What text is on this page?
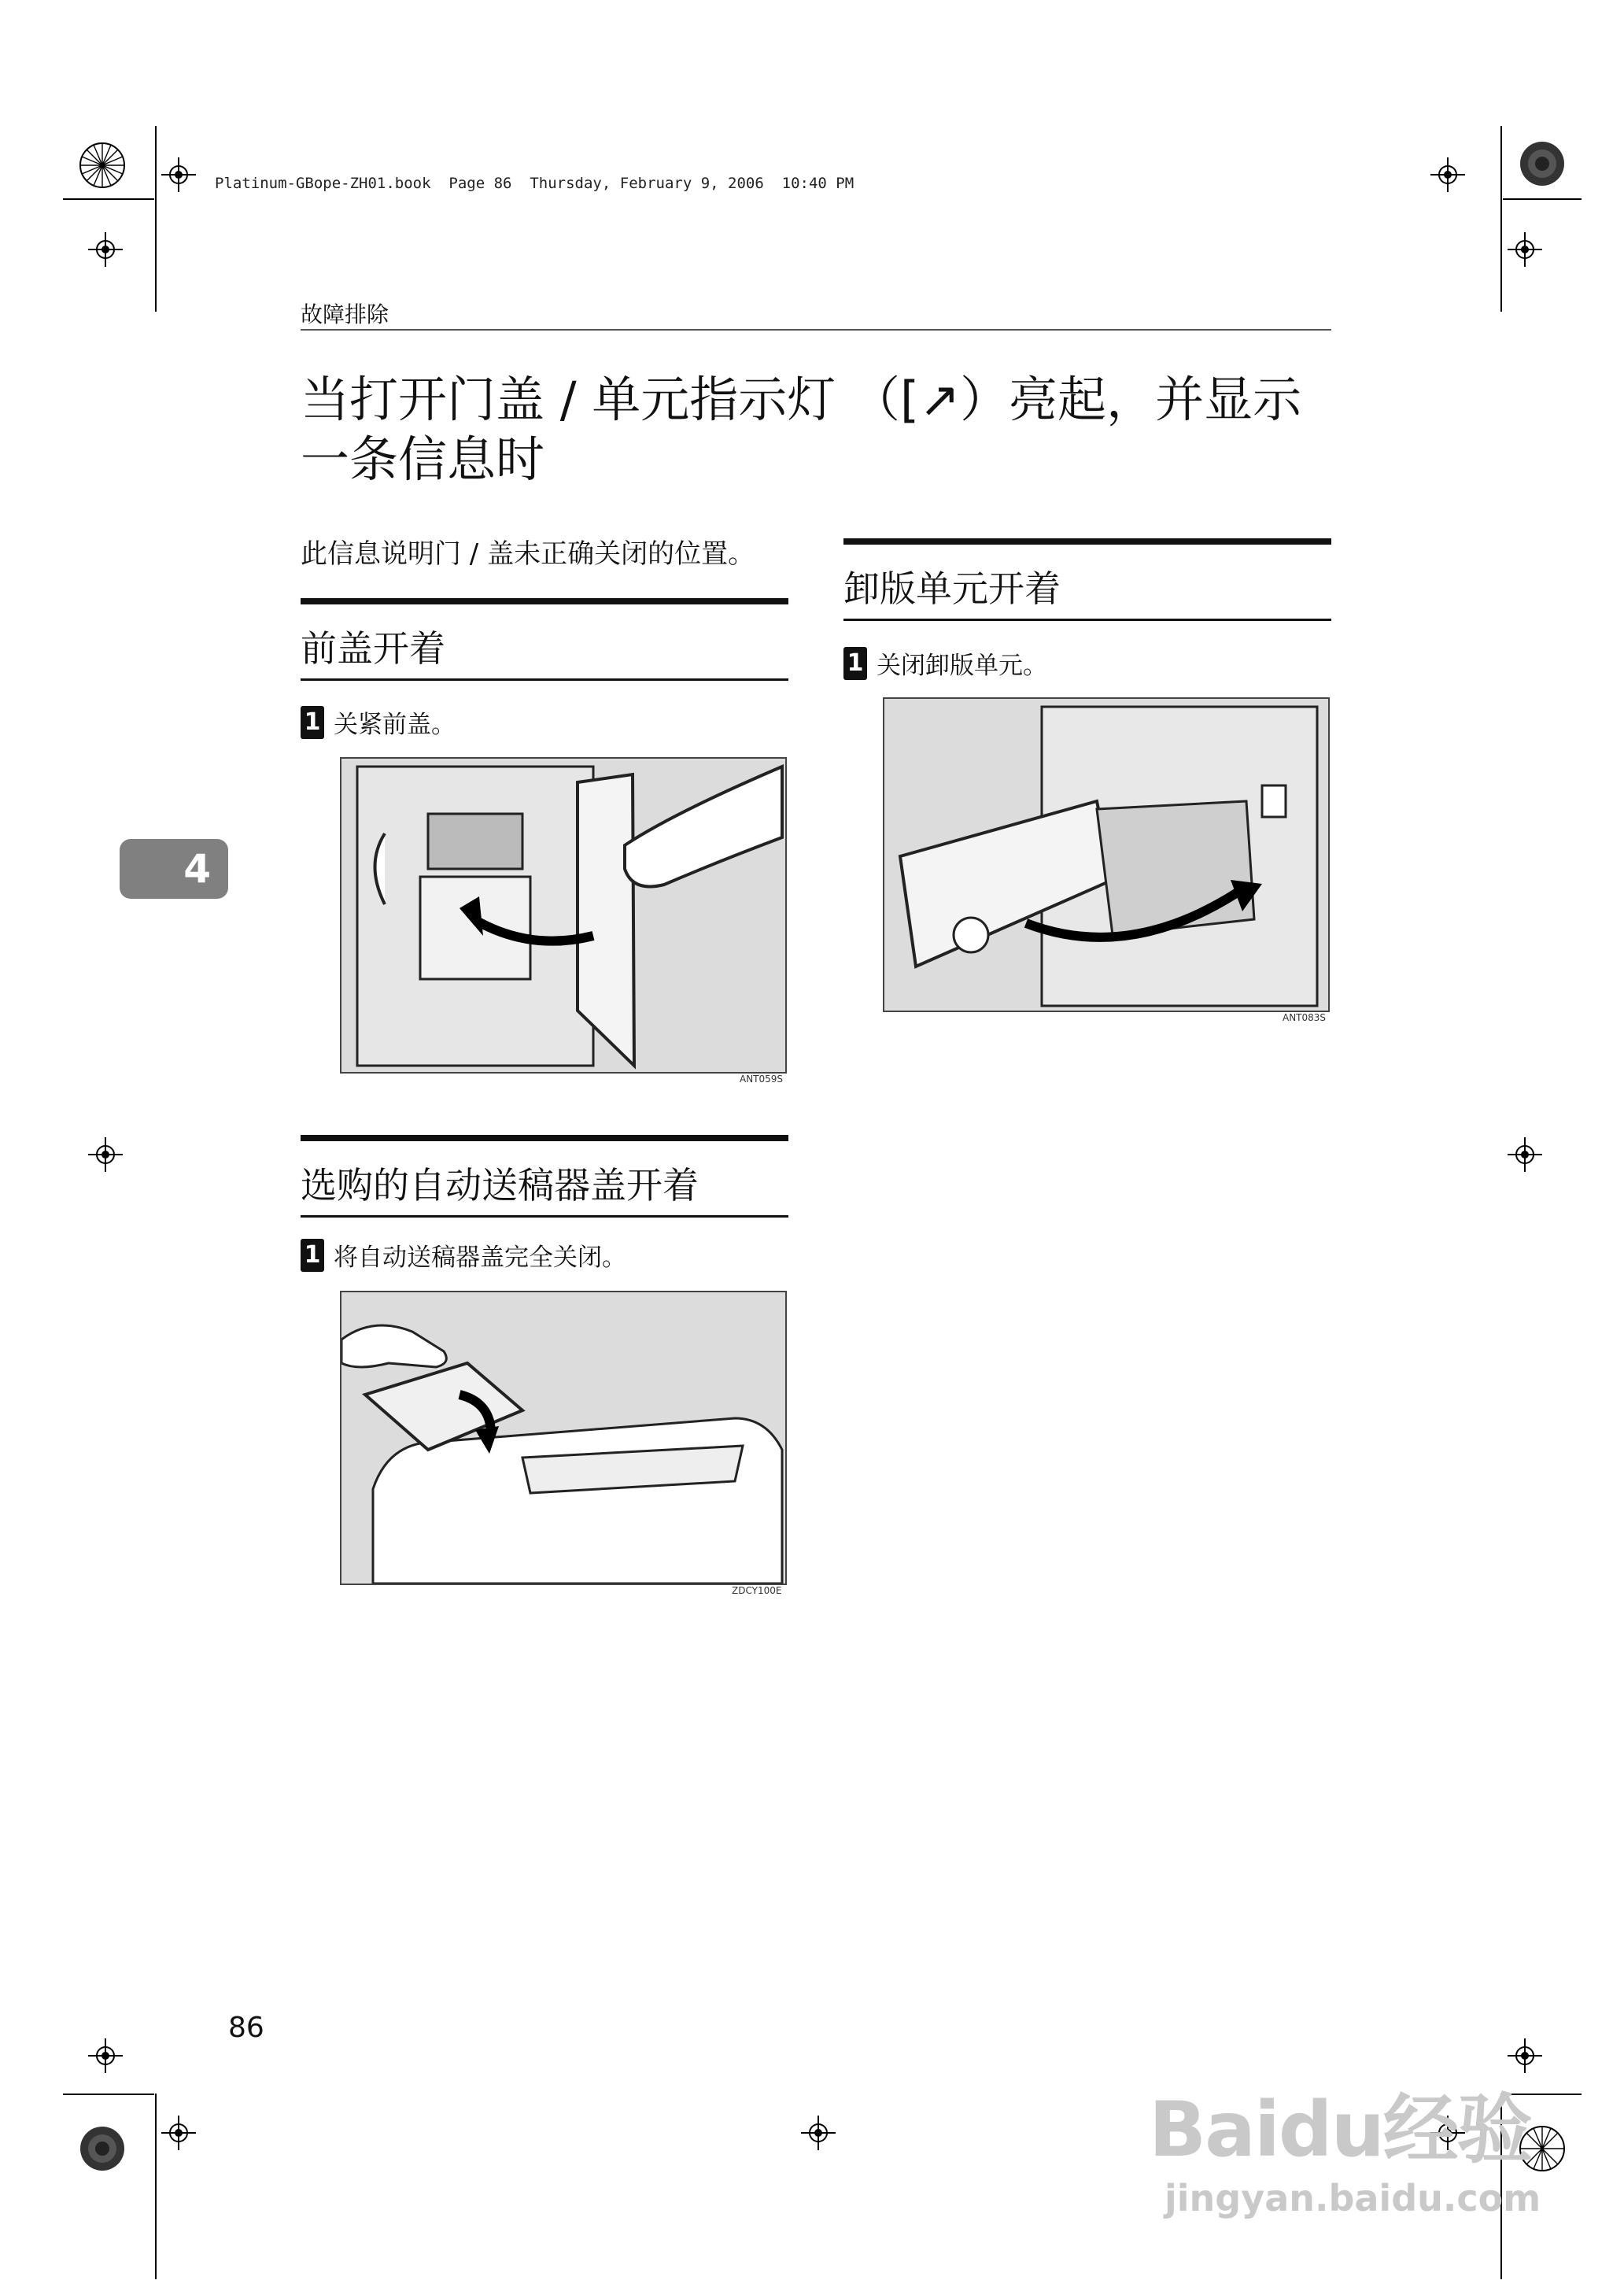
Platinum-GBope-ZH01.book  Page 86  Thursday, February 9, 2006  10:40 PM
故障排除
当打开门盖 / 单元指示灯 （[↗）亮起，并显示一条信息时
此信息说明门 / 盖未正确关闭的位置。
前盖开着
1 关紧前盖。
ANT059S
选购的自动送稿器盖开着
1 将自动送稿器盖完全关闭。
ZDCY100E
卸版单元开着
1 关闭卸版单元。
ANT083S
4
86
Baidu经验
jingyan.baidu.com
